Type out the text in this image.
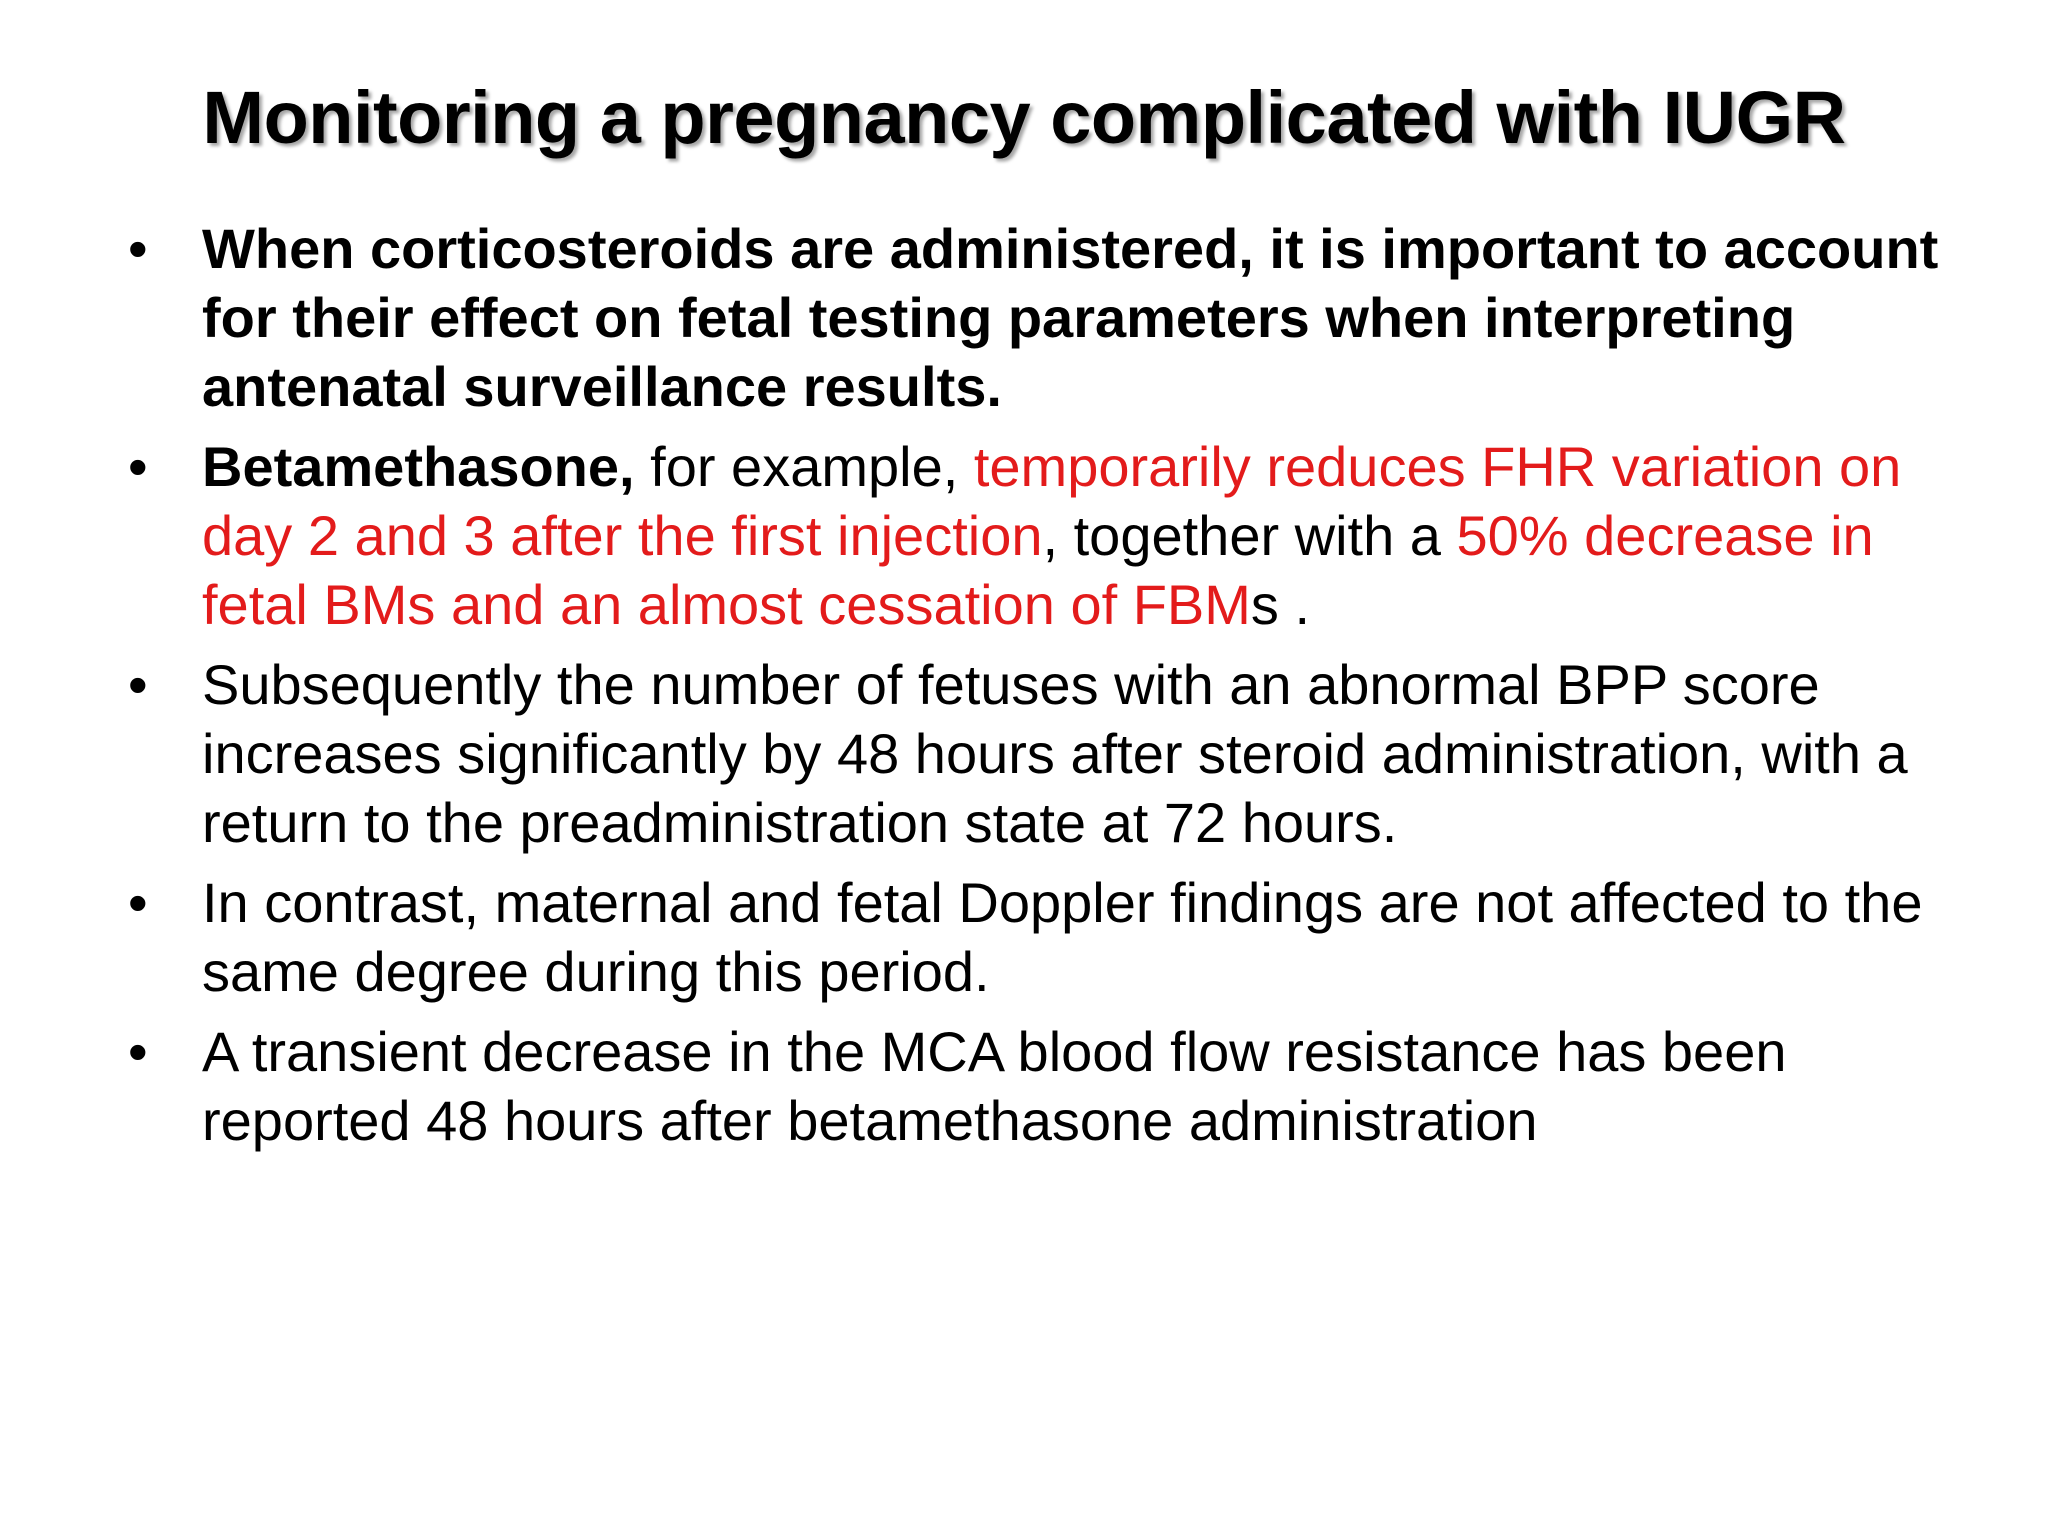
Monitoring a pregnancy complicated with IUGR
• When corticosteroids are administered, it is important to account for their effect on fetal testing parameters when interpreting antenatal surveillance results.
• Betamethasone, for example, temporarily reduces FHR variation on day 2 and 3 after the first injection, together with a 50% decrease in fetal BMs and an almost cessation of FBMs .
• Subsequently the number of fetuses with an abnormal BPP score  increases significantly by 48 hours after steroid administration, with a return to the preadministration state at 72 hours.
• In contrast, maternal and fetal Doppler findings are not affected to the same degree during this period.
• A transient decrease in the MCA blood flow resistance has been reported 48 hours after betamethasone administration
